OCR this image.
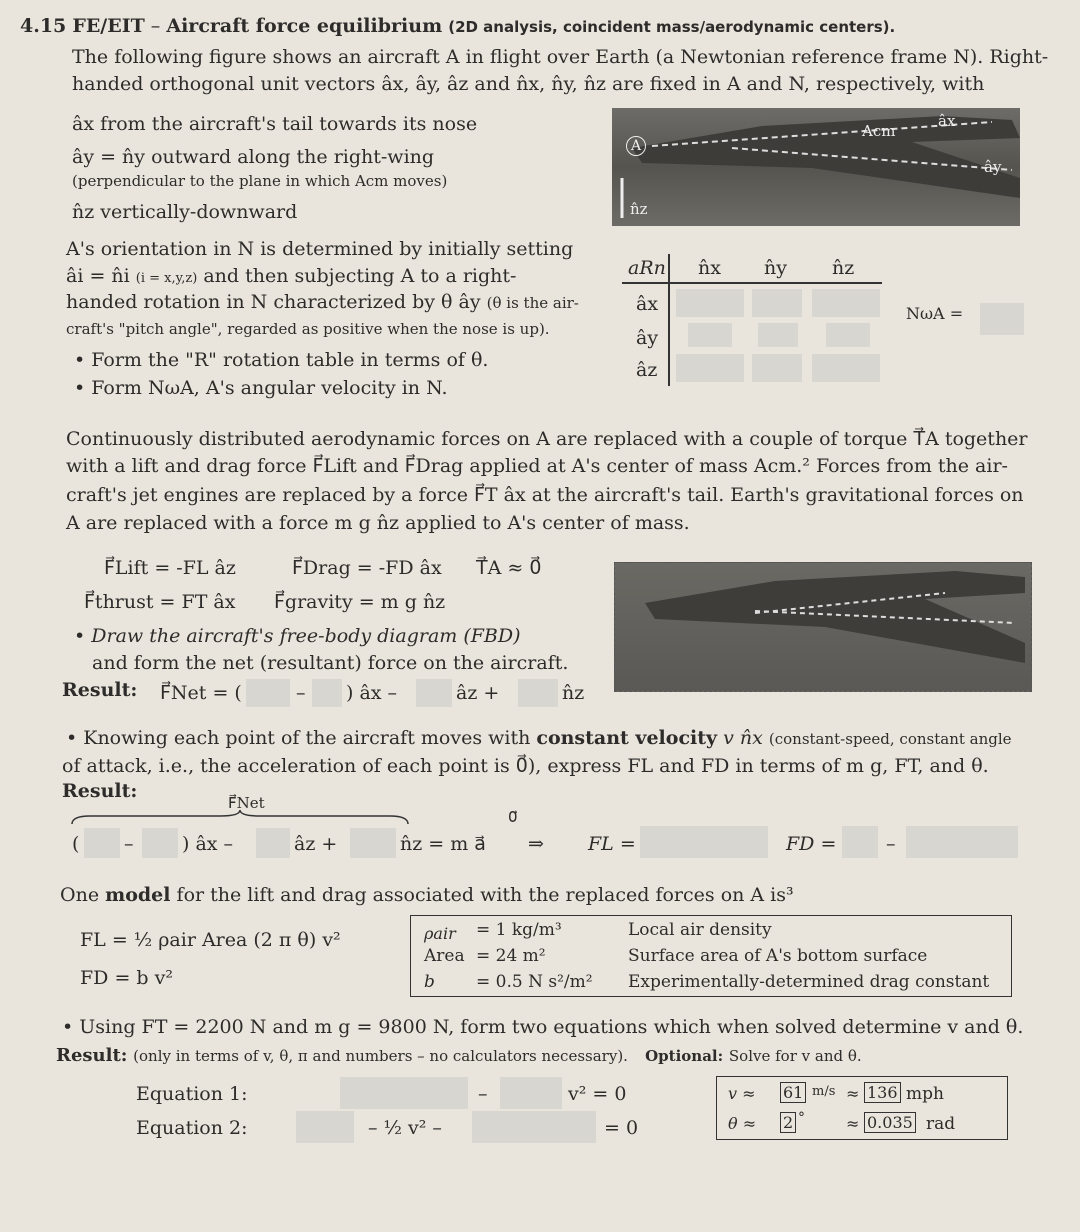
4.15 FE/EIT – Aircraft force equilibrium (2D analysis, coincident mass/aerodynamic centers).
The following figure shows an aircraft A in flight over Earth (a Newtonian reference frame N). Right-
handed orthogonal unit vectors âx, ây, âz and n̂x, n̂y, n̂z are fixed in A and N, respectively, with
âx from the aircraft's tail towards its nose
ây = n̂y outward along the right-wing
(perpendicular to the plane in which Acm moves)
n̂z vertically-downward
A
n̂z
Acm
âx
ây
A's orientation in N is determined by initially setting
âi = n̂i (i = x,y,z) and then subjecting A to a right-
handed rotation in N characterized by θ ây (θ is the air-
craft's "pitch angle", regarded as positive when the nose is up).
• Form the "R" rotation table in terms of θ.
• Form NωA, A's angular velocity in N.
aRn n̂x n̂y n̂z
âx
ây
âz
NωA =
Continuously distributed aerodynamic forces on A are replaced with a couple of torque T⃗A together
with a lift and drag force F⃗Lift and F⃗Drag applied at A's center of mass Acm.² Forces from the air-
craft's jet engines are replaced by a force F⃗T âx at the aircraft's tail. Earth's gravitational forces on
A are replaced with a force m g n̂z applied to A's center of mass.
F⃗Lift = -FL âz	F⃗Drag = -FD âx T⃗A ≈ 0⃗
F⃗thrust = FT âx F⃗gravity = m g n̂z
• Draw the aircraft's free-body diagram (FBD)
and form the net (resultant) force on the aircraft.
Result: F⃗Net = (	– ) âx –	âz +	n̂z
• Knowing each point of the aircraft moves with constant velocity v n̂x (constant-speed, constant angle
of attack, i.e., the acceleration of each point is 0⃗), express FL and FD in terms of m g, FT, and θ.
Result:
F⃗Net
0⃗
( –	) âx –	âz +	n̂z = m a⃗ ⇒ FL =	FD =	–
One model for the lift and drag associated with the replaced forces on A is³
FL = ½ ρair Area (2 π θ) v²
FD = b v²
ρair = 1 kg/m³	Local air density
Area = 24 m²	Surface area of A's bottom surface
b = 0.5 N s²/m² Experimentally-determined drag constant
• Using FT = 2200 N and m g = 9800 N, form two equations which when solved determine v and θ.
Result: (only in terms of v, θ, π and numbers – no calculators necessary). Optional: Solve for v and θ.
Equation 1:	–	v² = 0
Equation 2:	– ½ v² –	= 0
v ≈ 61 m/s ≈ 136 mph
θ ≈ 2 °	≈ 0.035 rad
